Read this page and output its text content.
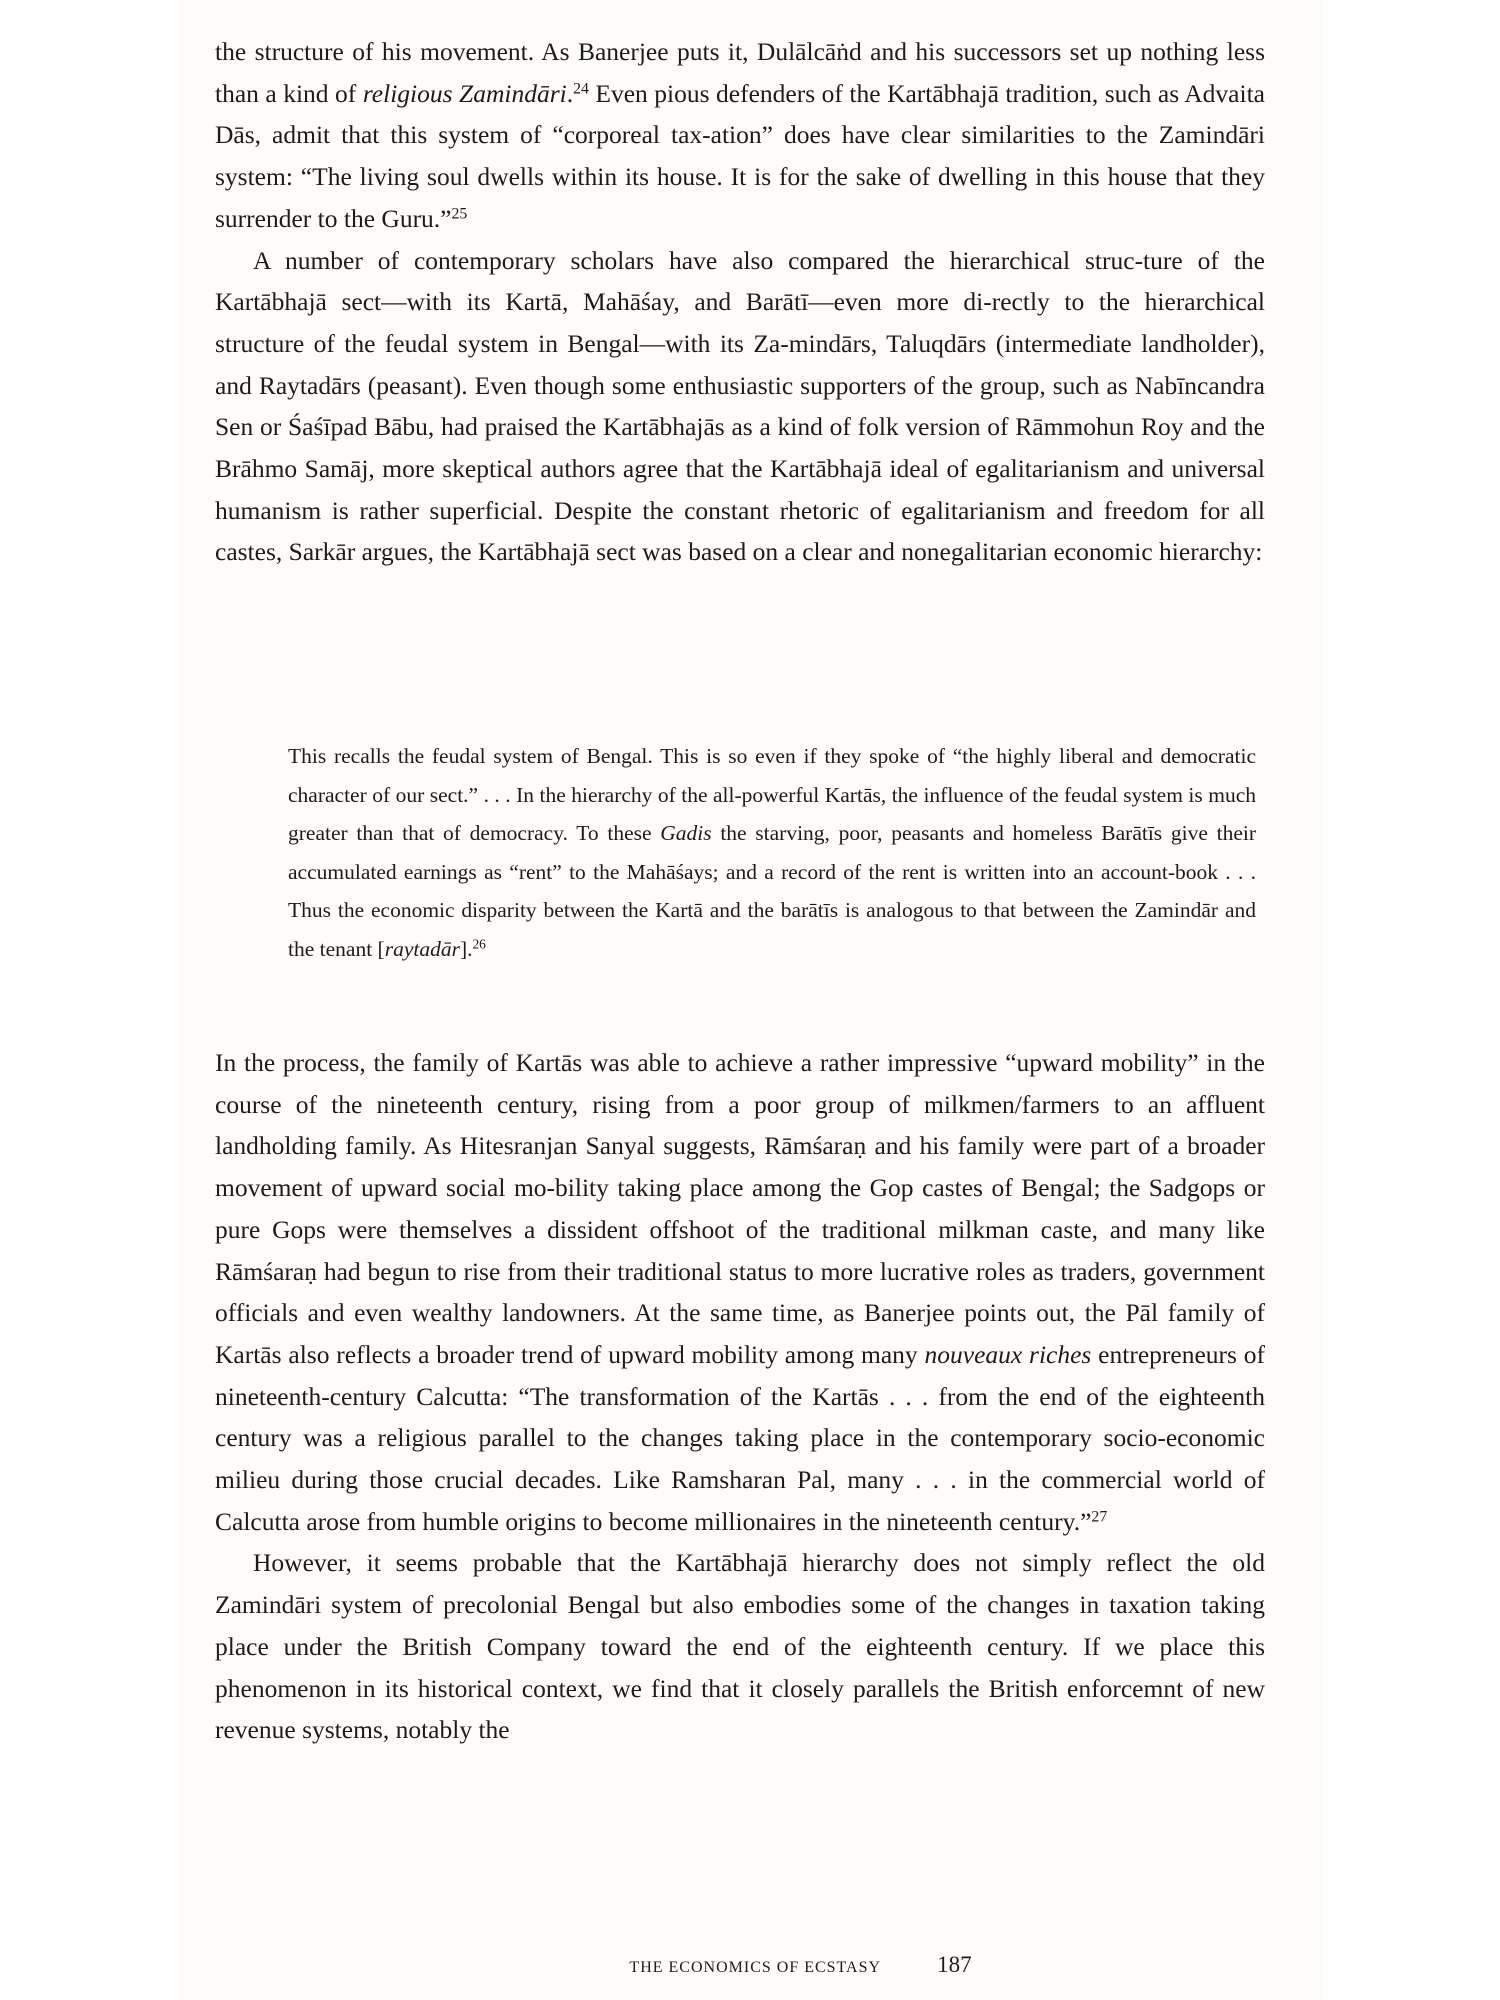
the structure of his movement. As Banerjee puts it, Dulālcāṅd and his successors set up nothing less than a kind of religious Zamindāri.$^{24}$ Even pious defenders of the Kartābhajā tradition, such as Advaita Dās, admit that this system of “corporeal tax-ation” does have clear similarities to the Zamindāri system: “The living soul dwells within its house. It is for the sake of dwelling in this house that they surrender to the Guru.”$^{25}$

A number of contemporary scholars have also compared the hierarchical struc-ture of the Kartābhajā sect—with its Kartā, Mahāśay, and Barātī—even more di-rectly to the hierarchical structure of the feudal system in Bengal—with its Za-mindārs, Taluqdārs (intermediate landholder), and Raytadārs (peasant). Even though some enthusiastic supporters of the group, such as Nabīncandra Sen or Śaśīpad Bābu, had praised the Kartābhajās as a kind of folk version of Rāmmohun Roy and the Brāhmo Samāj, more skeptical authors agree that the Kartābhajā ideal of egalitarianism and universal humanism is rather superficial. Despite the constant rhetoric of egalitarianism and freedom for all castes, Sarkār argues, the Kartābhajā sect was based on a clear and nonegalitarian economic hierarchy:

This recalls the feudal system of Bengal. This is so even if they spoke of “the highly liberal and democratic character of our sect.” . . . In the hierarchy of the all-powerful Kartās, the influence of the feudal system is much greater than that of democracy. To these Gadis the starving, poor, peasants and homeless Barātīs give their accumulated earnings as “rent” to the Mahāśays; and a record of the rent is written into an account-book . . . Thus the economic disparity between the Kartā and the barātīs is analogous to that between the Zamindār and the tenant [raytadār].$^{26}$

In the process, the family of Kartās was able to achieve a rather impressive “upward mobility” in the course of the nineteenth century, rising from a poor group of milkmen/farmers to an affluent landholding family. As Hitesranjan Sanyal suggests, Rāmśaraṇ and his family were part of a broader movement of upward social mo-bility taking place among the Gop castes of Bengal; the Sadgops or pure Gops were themselves a dissident offshoot of the traditional milkman caste, and many like Rāmśaraṇ had begun to rise from their traditional status to more lucrative roles as traders, government officials and even wealthy landowners. At the same time, as Banerjee points out, the Pāl family of Kartās also reflects a broader trend of upward mobility among many nouveaux riches entrepreneurs of nineteenth-century Calcutta: “The transformation of the Kartās . . . from the end of the eighteenth century was a religious parallel to the changes taking place in the contemporary socio-economic milieu during those crucial decades. Like Ramsharan Pal, many . . . in the commercial world of Calcutta arose from humble origins to become millionaires in the nineteenth century.”$^{27}$

However, it seems probable that the Kartābhajā hierarchy does not simply reflect the old Zamindāri system of precolonial Bengal but also embodies some of the changes in taxation taking place under the British Company toward the end of the eighteenth century. If we place this phenomenon in its historical context, we find that it closely parallels the British enforcemnt of new revenue systems, notably the

THE ECONOMICS OF ECSTASY 187
